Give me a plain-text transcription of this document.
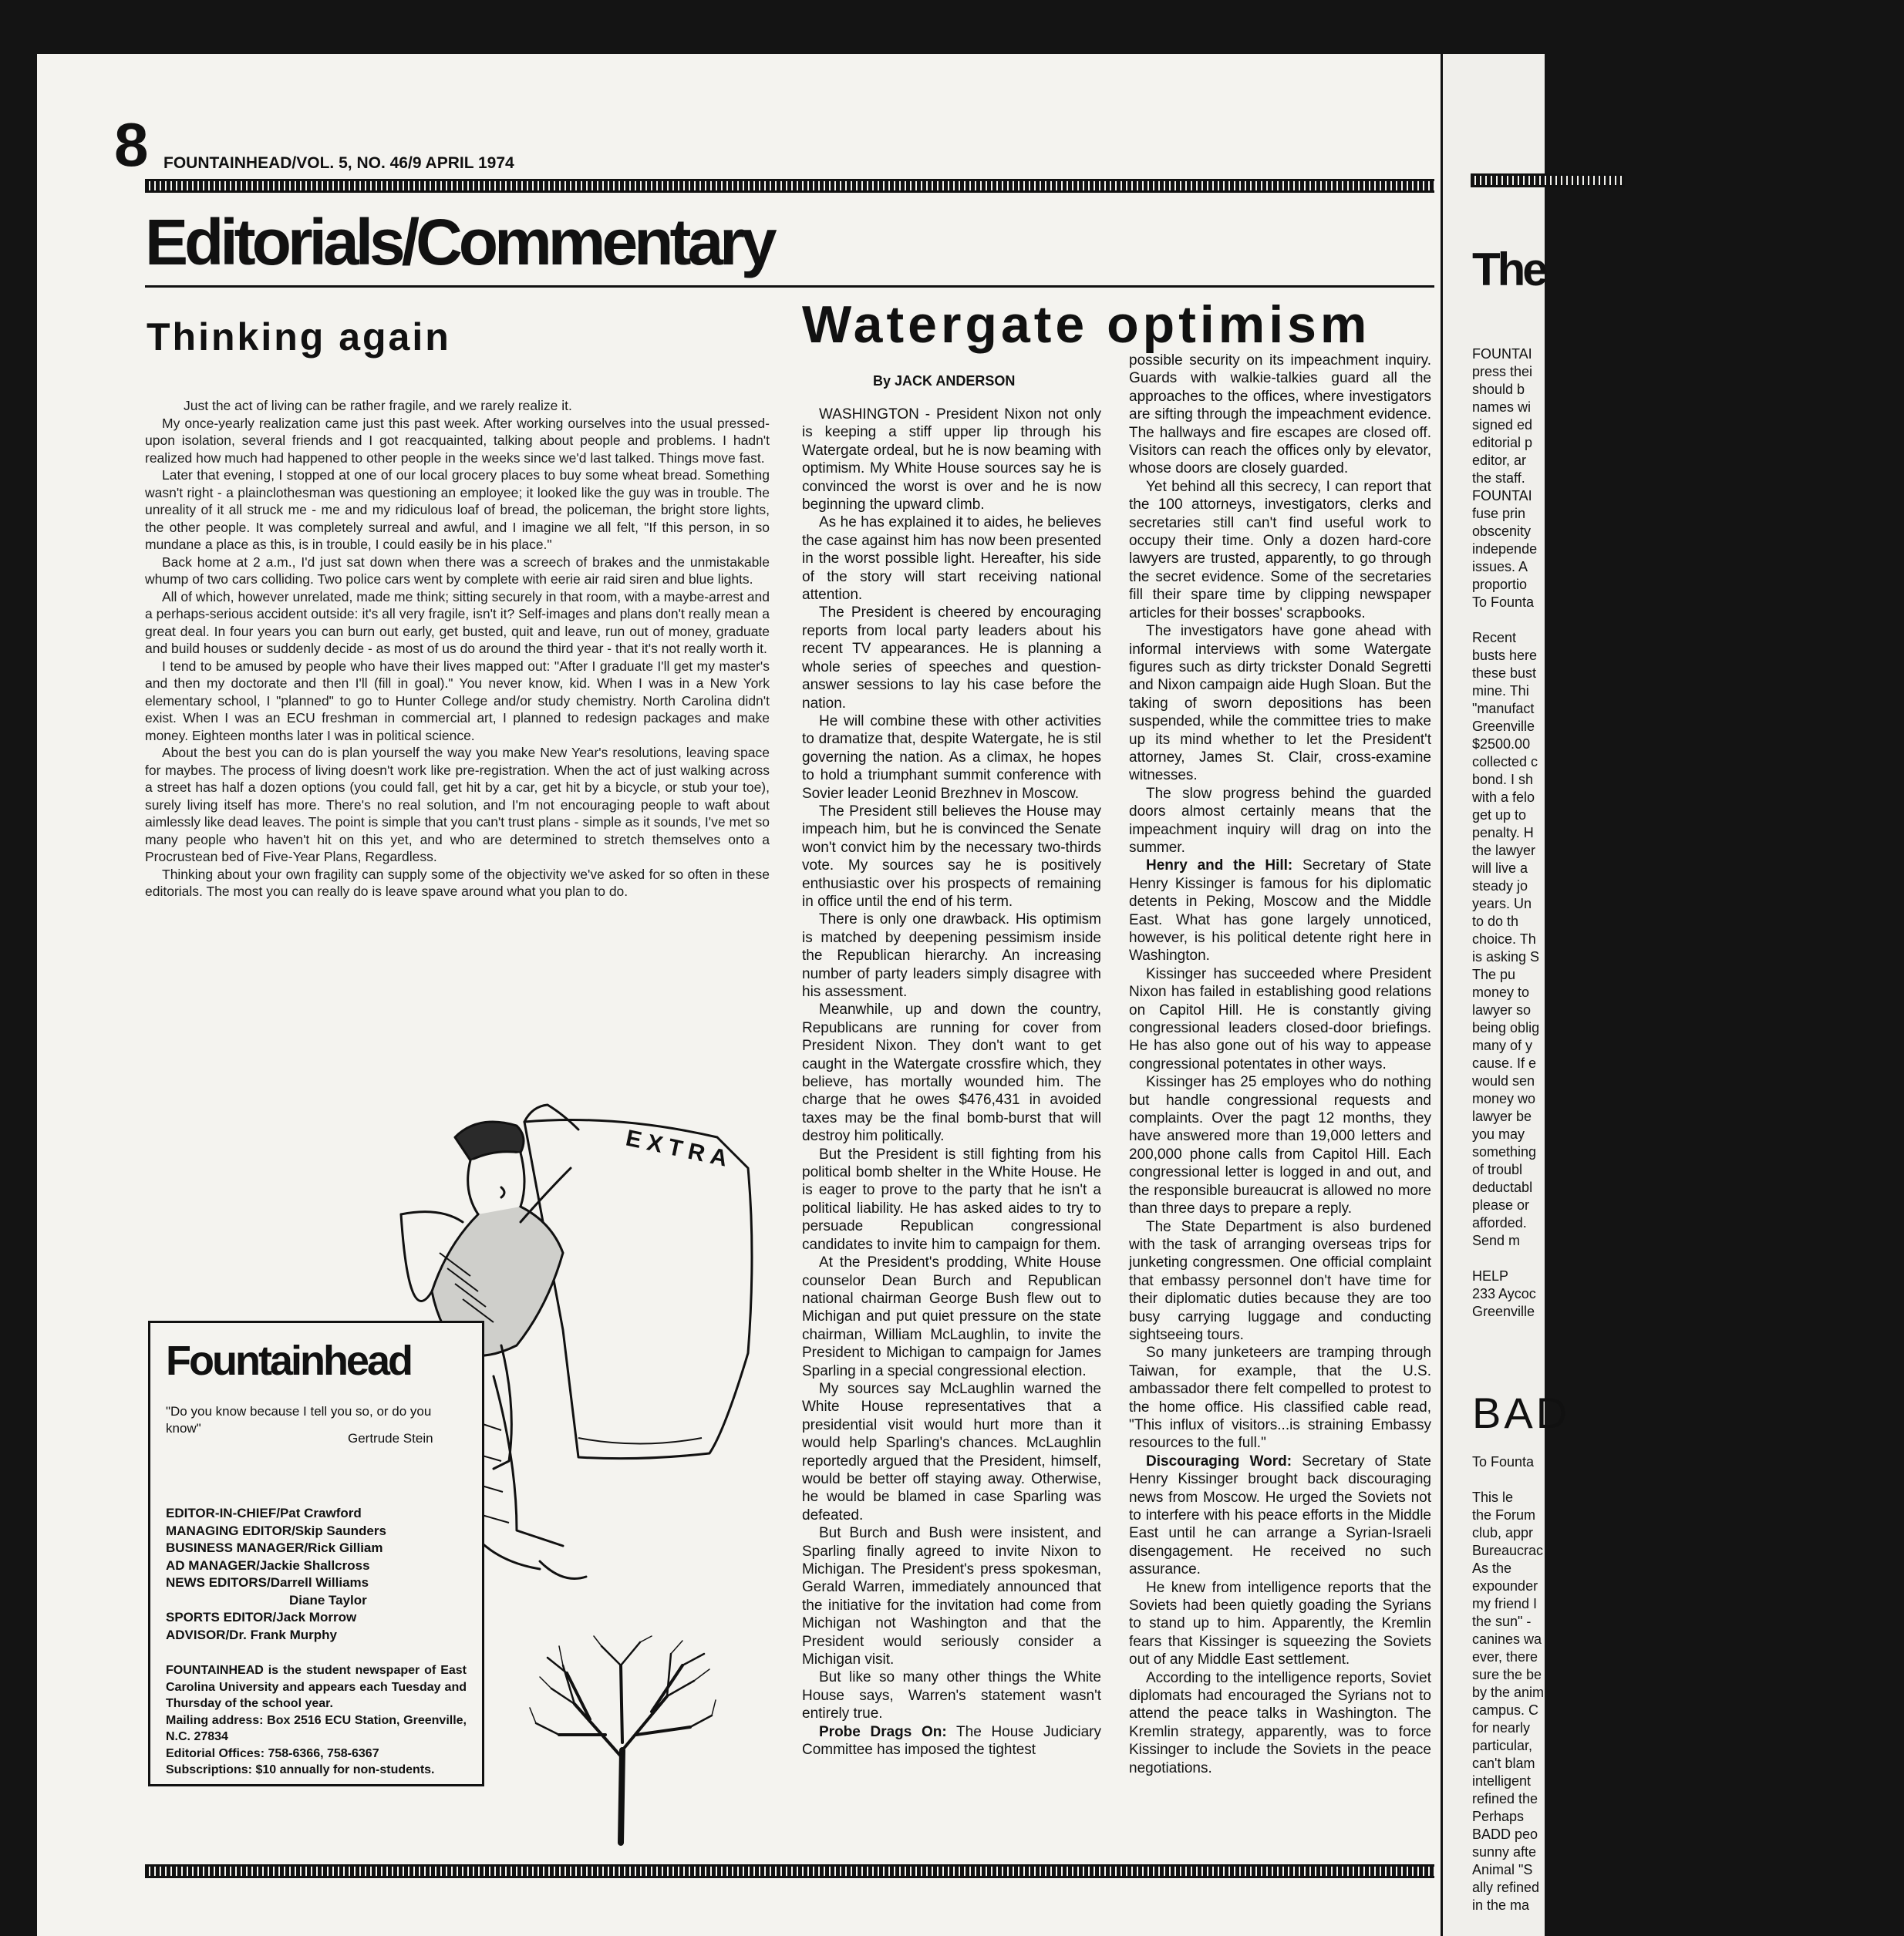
8 FOUNTAINHEAD/VOL. 5, NO. 46/9 APRIL 1974
Editorials/Commentary
Thinking again

Just the act of living can be rather fragile, and we rarely realize it.

My once-yearly realization came just this past week. After working ourselves into the usual pressed-upon isolation, several friends and I got reacquainted, talking about people and problems. I hadn't realized how much had happened to other people in the weeks since we'd last talked. Things move fast.

Later that evening, I stopped at one of our local grocery places to buy some wheat bread. Something wasn't right - a plainclothesman was questioning an employee; it looked like the guy was in trouble. The unreality of it all struck me - me and my ridiculous loaf of bread, the policeman, the bright store lights, the other people. It was completely surreal and awful, and I imagine we all felt, "If this person, in so mundane a place as this, is in trouble, I could easily be in his place."

Back home at 2 a.m., I'd just sat down when there was a screech of brakes and the unmistakable whump of two cars colliding. Two police cars went by complete with eerie air raid siren and blue lights.

All of which, however unrelated, made me think; sitting securely in that room, with a maybe-arrest and a perhaps-serious accident outside: it's all very fragile, isn't it? Self-images and plans don't really mean a great deal. In four years you can burn out early, get busted, quit and leave, run out of money, graduate and build houses or suddenly decide - as most of us do around the third year - that it's not really worth it.

I tend to be amused by people who have their lives mapped out: "After I graduate I'll get my master's and then my doctorate and then I'll (fill in goal)." You never know, kid. When I was in a New York elementary school, I "planned" to go to Hunter College and/or study chemistry. North Carolina didn't exist. When I was an ECU freshman in commercial art, I planned to redesign packages and make money. Eighteen months later I was in political science.

About the best you can do is plan yourself the way you make New Year's resolutions, leaving space for maybes. The process of living doesn't work like pre-registration. When the act of just walking across a street has half a dozen options (you could fall, get hit by a car, get hit by a bicycle, or stub your toe), surely living itself has more. There's no real solution, and I'm not encouraging people to waft about aimlessly like dead leaves. The point is simple that you can't trust plans - simple as it sounds, I've met so many people who haven't hit on this yet, and who are determined to stretch themselves onto a Procrustean bed of Five-Year Plans, Regardless.

Thinking about your own fragility can supply some of the objectivity we've asked for so often in these editorials. The most you can really do is leave spave around what you plan to do.

EXTRA
Fountainhead
"Do you know because I tell you so, or do you know"
Gertrude Stein
EDITOR-IN-CHIEF/Pat Crawford
MANAGING EDITOR/Skip Saunders
BUSINESS MANAGER/Rick Gilliam
AD MANAGER/Jackie Shallcross
NEWS EDITORS/Darrell Williams
Diane Taylor
SPORTS EDITOR/Jack Morrow
ADVISOR/Dr. Frank Murphy
FOUNTAINHEAD is the student newspaper of East Carolina University and appears each Tuesday and Thursday of the school year.
Mailing address: Box 2516 ECU Station, Greenville, N.C. 27834
Editorial Offices: 758-6366, 758-6367
Subscriptions: $10 annually for non-students.
Watergate optimism
By JACK ANDERSON

WASHINGTON - President Nixon not only is keeping a stiff upper lip through his Watergate ordeal, but he is now beaming with optimism. My White House sources say he is convinced the worst is over and he is now beginning the upward climb.

As he has explained it to aides, he believes the case against him has now been presented in the worst possible light. Hereafter, his side of the story will start receiving national attention.

The President is cheered by encouraging reports from local party leaders about his recent TV appearances. He is planning a whole series of speeches and question-answer sessions to lay his case before the nation.

He will combine these with other activities to dramatize that, despite Watergate, he is stil governing the nation. As a climax, he hopes to hold a triumphant summit conference with Sovier leader Leonid Brezhnev in Moscow.

The President still believes the House may impeach him, but he is convinced the Senate won't convict him by the necessary two-thirds vote. My sources say he is positively enthusiastic over his prospects of remaining in office until the end of his term.

There is only one drawback. His optimism is matched by deepening pessimism inside the Republican hierarchy. An increasing number of party leaders simply disagree with his assessment.

Meanwhile, up and down the country, Republicans are running for cover from President Nixon. They don't want to get caught in the Watergate crossfire which, they believe, has mortally wounded him. The charge that he owes $476,431 in avoided taxes may be the final bomb-burst that will destroy him politically.

But the President is still fighting from his political bomb shelter in the White House. He is eager to prove to the party that he isn't a political liability. He has asked aides to try to persuade Republican congressional candidates to invite him to campaign for them.

At the President's prodding, White House counselor Dean Burch and Republican national chairman George Bush flew out to Michigan and put quiet pressure on the state chairman, William McLaughlin, to invite the President to Michigan to campaign for James Sparling in a special congressional election.

My sources say McLaughlin warned the White House representatives that a presidential visit would hurt more than it would help Sparling's chances. McLaughlin reportedly argued that the President, himself, would be better off staying away. Otherwise, he would be blamed in case Sparling was defeated.

But Burch and Bush were insistent, and Sparling finally agreed to invite Nixon to Michigan. The President's press spokesman, Gerald Warren, immediately announced that the initiative for the invitation had come from Michigan not Washington and that the President would seriously consider a Michigan visit.

But like so many other things the White House says, Warren's statement wasn't entirely true.

Probe Drags On: The House Judiciary Committee has imposed the tightest

possible security on its impeachment inquiry. Guards with walkie-talkies guard all the approaches to the offices, where investigators are sifting through the impeachment evidence. The hallways and fire escapes are closed off. Visitors can reach the offices only by elevator, whose doors are closely guarded.

Yet behind all this secrecy, I can report that the 100 attorneys, investigators, clerks and secretaries still can't find useful work to occupy their time. Only a dozen hard-core lawyers are trusted, apparently, to go through the secret evidence. Some of the secretaries fill their spare time by clipping newspaper articles for their bosses' scrapbooks.

The investigators have gone ahead with informal interviews with some Watergate figures such as dirty trickster Donald Segretti and Nixon campaign aide Hugh Sloan. But the taking of sworn depositions has been suspended, while the committee tries to make up its mind whether to let the President't attorney, James St. Clair, cross-examine witnesses.

The slow progress behind the guarded doors almost certainly means that the impeachment inquiry will drag on into the summer.

Henry and the Hill: Secretary of State Henry Kissinger is famous for his diplomatic detents in Peking, Moscow and the Middle East. What has gone largely unnoticed, however, is his political detente right here in Washington.

Kissinger has succeeded where President Nixon has failed in establishing good relations on Capitol Hill. He is constantly giving congressional leaders closed-door briefings. He has also gone out of his way to appease congressional potentates in other ways.

Kissinger has 25 employes who do nothing but handle congressional requests and complaints. Over the pagt 12 months, they have answered more than 19,000 letters and 200,000 phone calls from Capitol Hill. Each congressional letter is logged in and out, and the responsible bureaucrat is allowed no more than three days to prepare a reply.

The State Department is also burdened with the task of arranging overseas trips for junketing congressmen. One official complaint that embassy personnel don't have time for their diplomatic duties because they are too busy carrying luggage and conducting sightseeing tours.

So many junketeers are tramping through Taiwan, for example, that the U.S. ambassador there felt compelled to protest to the home office. His classified cable read, "This influx of visitors...is straining Embassy resources to the full."

Discouraging Word: Secretary of State Henry Kissinger brought back discouraging news from Moscow. He urged the Soviets not to interfere with his peace efforts in the Middle East until he can arrange a Syrian-Israeli disengagement. He received no such assurance.

He knew from intelligence reports that the Soviets had been quietly goading the Syrians to stand up to him. Apparently, the Kremlin fears that Kissinger is squeezing the Soviets out of any Middle East settlement.

According to the intelligence reports, Soviet diplomats had encouraged the Syrians not to attend the peace talks in Washington. The Kremlin strategy, apparently, was to force Kissinger to include the Soviets in the peace negotiations.

The
FOUNTAI
press thei
should b
names wi
signed ed
editorial p
editor, ar
the staff.
FOUNTAI
fuse prin
obscenity
independe
issues. A
proportio
To Founta

Recent
busts here
these bust
mine. Thi
"manufact
Greenville
$2500.00
collected c
bond. I sh
with a felo
get up to
penalty. H
the lawyer
will live a
steady jo
years. Un
to do th
choice. Th
is asking S
The pu
money to
lawyer so
being oblig
many of y
cause. If e
would sen
money wo
lawyer be
you may
something
of troubl
deductabl
please or
afforded.
Send m

HELP
233 Aycoc
Greenville
BAD
To Founta

This le
the Forum
club, appr
Bureaucrac
As the
expounder
my friend I
the sun" -
canines wa
ever, there
sure the be
by the anim
campus. C
for nearly
particular,
can't blam
intelligent
refined the
Perhaps
BADD peo
sunny afte
Animal "S
ally refined
in the ma
